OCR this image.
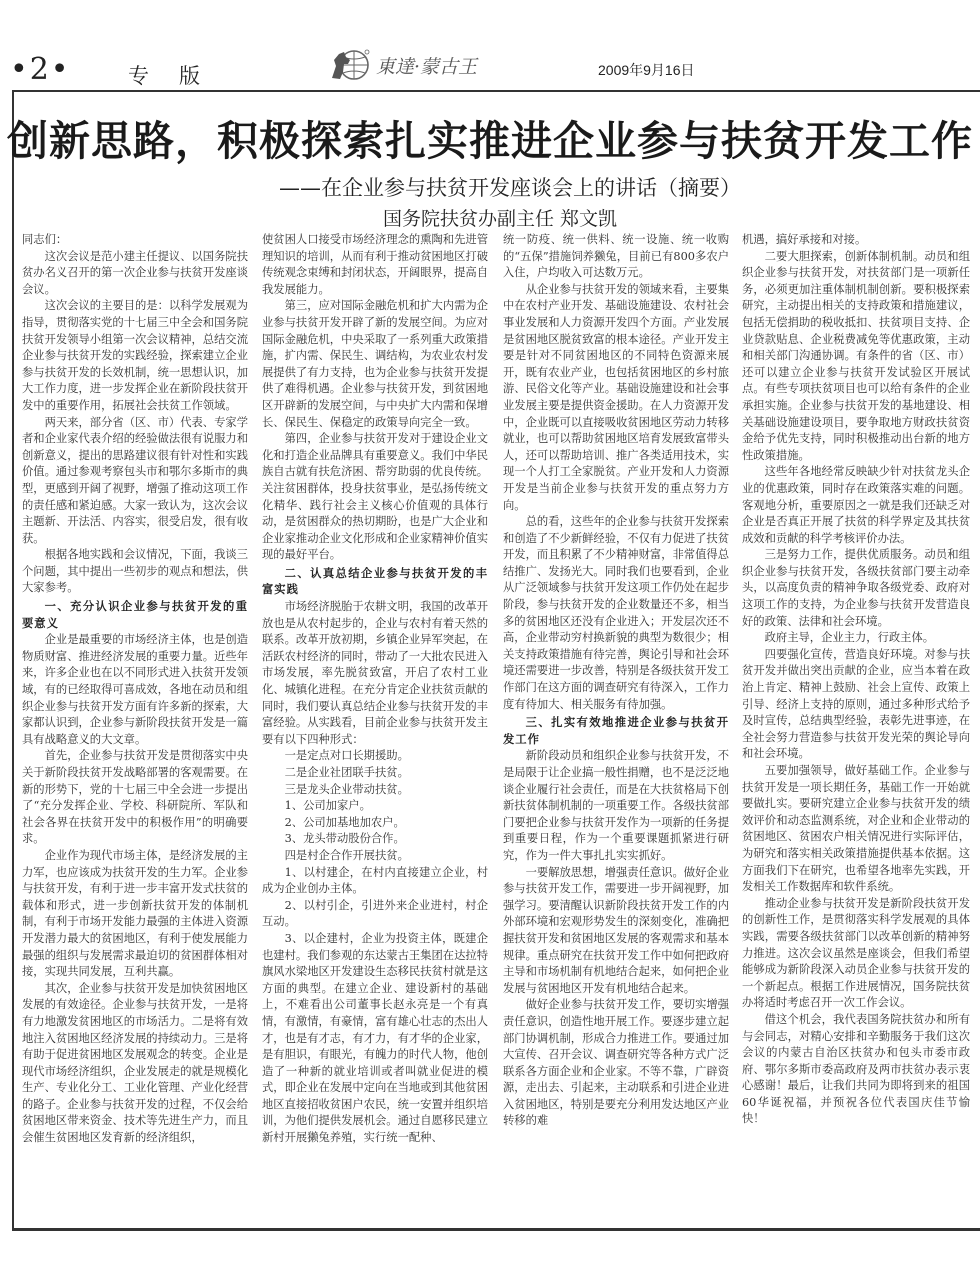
•2•	专版	東達·蒙古王	2009年9月16日
创新思路，积极探索扎实推进企业参与扶贫开发工作
——在企业参与扶贫开发座谈会上的讲话（摘要）
国务院扶贫办副主任 郑文凯

同志们：

这次会议是范小建主任提议、以国务院扶贫办名义召开的第一次企业参与扶贫开发座谈会议。

这次会议的主要目的是：以科学发展观为指导，贯彻落实党的十七届三中全会和国务院扶贫开发领导小组第一次会议精神，总结交流企业参与扶贫开发的实践经验，探索建立企业参与扶贫开发的长效机制，统一思想认识，加大工作力度，进一步发挥企业在新阶段扶贫开发中的重要作用，拓展社会扶贫工作领域。

两天来，部分省（区、市）代表、专家学者和企业家代表介绍的经验做法很有说服力和创新意义，提出的思路建议很有针对性和实践价值。通过参观考察包头市和鄂尔多斯市的典型，更感到开阔了视野，增强了推动这项工作的责任感和紧迫感。大家一致认为，这次会议主题新、开法活、内容实，很受启发，很有收获。

根据各地实践和会议情况，下面，我谈三个问题，其中提出一些初步的观点和想法，供大家参考。

一、充分认识企业参与扶贫开发的重要意义

企业是最重要的市场经济主体，也是创造物质财富、推进经济发展的重要力量。近些年来，许多企业也在以不同形式进入扶贫开发领域，有的已经取得可喜成效，各地在动员和组织企业参与扶贫开发方面有许多新的探索，大家都认识到，企业参与新阶段扶贫开发是一篇具有战略意义的大文章。

首先，企业参与扶贫开发是贯彻落实中央关于新阶段扶贫开发战略部署的客观需要。在新的形势下，党的十七届三中全会进一步提出了“充分发挥企业、学校、科研院所、军队和社会各界在扶贫开发中的积极作用”的明确要求。

企业作为现代市场主体，是经济发展的主力军，也应该成为扶贫开发的生力军。企业参与扶贫开发，有利于进一步丰富开发式扶贫的载体和形式，进一步创新扶贫开发的体制机制，有利于市场开发能力最强的主体进入资源开发潜力最大的贫困地区，有利于使发展能力最强的组织与发展需求最迫切的贫困群体相对接，实现共同发展，互利共赢。

其次，企业参与扶贫开发是加快贫困地区发展的有效途径。企业参与扶贫开发，一是将有力地激发贫困地区的市场活力。二是将有效地注入贫困地区经济发展的持续动力。三是将有助于促进贫困地区发展观念的转变。企业是现代市场经济组织，企业发展走的就是规模化生产、专业化分工、工业化管理、产业化经营的路子。企业参与扶贫开发的过程，不仅会给贫困地区带来资金、技术等先进生产力，而且会催生贫困地区发育新的经济组织，

使贫困人口接受市场经济理念的熏陶和先进管理知识的培训，从而有利于推动贫困地区打破传统观念束缚和封闭状态，开阔眼界，提高自我发展能力。

第三，应对国际金融危机和扩大内需为企业参与扶贫开发开辟了新的发展空间。为应对国际金融危机，中央采取了一系列重大政策措施，扩内需、保民生、调结构，为农业农村发展提供了有力支持，也为企业参与扶贫开发提供了难得机遇。企业参与扶贫开发，到贫困地区开辟新的发展空间，与中央扩大内需和保增长、保民生、保稳定的政策导向完全一致。

第四，企业参与扶贫开发对于建设企业文化和打造企业品牌具有重要意义。我们中华民族自古就有扶危济困、帮穷助弱的优良传统。关注贫困群体，投身扶贫事业，是弘扬传统文化精华、践行社会主义核心价值观的具体行动，是贫困群众的热切期盼，也是广大企业和企业家推动企业文化形成和企业家精神价值实现的最好平台。

二、认真总结企业参与扶贫开发的丰富实践

市场经济脱胎于农耕文明，我国的改革开放也是从农村起步的，企业与农村有着天然的联系。改革开放初期，乡镇企业异军突起，在活跃农村经济的同时，带动了一大批农民进入市场发展，率先脱贫致富，开启了农村工业化、城镇化进程。在充分肯定企业扶贫贡献的同时，我们要认真总结企业参与扶贫开发的丰富经验。从实践看，目前企业参与扶贫开发主要有以下四种形式：

一是定点对口长期援助。

二是企业社团联手扶贫。

三是龙头企业带动扶贫。

1、公司加家户。

2、公司加基地加农户。

3、龙头带动股份合作。

四是村企合作开展扶贫。

1、以村建企，在村内直接建立企业，村成为企业创办主体。

2、以村引企，引进外来企业进村，村企互动。

3、以企建村，企业为投资主体，既建企也建村。我们参观的东达蒙古王集团在达拉特旗风水梁地区开发建设生态移民扶贫村就是这方面的典型。在建立企业、建设新村的基础上，不难看出公司董事长赵永亮是一个有真情，有激情，有豪情，富有雄心壮志的杰出人才，也是有才志，有才力，有才华的企业家，是有胆识，有眼光，有魄力的时代人物，他创造了一种新的就业培训或者叫就业促进的模式，即企业在发展中定向在当地或到其他贫困地区直接招收贫困户农民，统一安置并组织培训，为他们提供发展机会。通过自愿移民建立新村开展獭兔养殖，实行统一配种、

统一防疫、统一供料、统一设施、统一收购的“五保”措施饲养獭兔，目前已有800多农户入住，户均收入可达数万元。

从企业参与扶贫开发的领域来看，主要集中在农村产业开发、基础设施建设、农村社会事业发展和人力资源开发四个方面。产业发展是贫困地区脱贫致富的根本途径。产业开发主要是针对不同贫困地区的不同特色资源来展开，既有农业产业，也包括贫困地区的乡村旅游、民俗文化等产业。基础设施建设和社会事业发展主要是提供资金援助。在人力资源开发中，企业既可以直接吸收贫困地区劳动力转移就业，也可以帮助贫困地区培育发展致富带头人，还可以帮助培训、推广各类适用技术，实现一个人打工全家脱贫。产业开发和人力资源开发是当前企业参与扶贫开发的重点努力方向。

总的看，这些年的企业参与扶贫开发探索和创造了不少新鲜经验，不仅有力促进了扶贫开发，而且积累了不少精神财富，非常值得总结推广、发扬光大。同时我们也要看到，企业从广泛领域参与扶贫开发这项工作仍处在起步阶段，参与扶贫开发的企业数量还不多，相当多的贫困地区还没有企业进入；开发层次还不高，企业带动穷村换新貌的典型为数很少；相关支持政策措施有待完善，舆论引导和社会环境还需要进一步改善，特别是各级扶贫开发工作部门在这方面的调查研究有待深入，工作力度有待加大、相关服务有待加强。

三、扎实有效地推进企业参与扶贫开发工作

新阶段动员和组织企业参与扶贫开发，不是局限于让企业搞一般性捐赠，也不是泛泛地谈企业履行社会责任，而是在大扶贫格局下创新扶贫体制机制的一项重要工作。各级扶贫部门要把企业参与扶贫开发作为一项新的任务提到重要日程，作为一个重要课题抓紧进行研究，作为一件大事扎扎实实抓好。

一要解放思想，增强责任意识。做好企业参与扶贫开发工作，需要进一步开阔视野，加强学习。要清醒认识新阶段扶贫开发工作的内外部环境和宏观形势发生的深刻变化，准确把握扶贫开发和贫困地区发展的客观需求和基本规律。重点研究在扶贫开发工作中如何把政府主导和市场机制有机地结合起来，如何把企业发展与贫困地区开发有机地结合起来。

做好企业参与扶贫开发工作，要切实增强责任意识，创造性地开展工作。要逐步建立起部门协调机制，形成合力推进工作。要通过加大宣传、召开会议、调查研究等各种方式广泛联系各方面企业和企业家。不等不靠，广辟资源，走出去、引起来，主动联系和引进企业进入贫困地区，特别是要充分利用发达地区产业转移的难

机遇，搞好承接和对接。

二要大胆探索，创新体制机制。动员和组织企业参与扶贫开发，对扶贫部门是一项新任务，必须更加注重体制机制创新。要积极探索研究，主动提出相关的支持政策和措施建议，包括无偿捐助的税收抵扣、扶贫项目支持、企业贷款贴息、企业税费减免等优惠政策，主动和相关部门沟通协调。有条件的省（区、市）还可以建立企业参与扶贫开发试验区开展试点。有些专项扶贫项目也可以给有条件的企业承担实施。企业参与扶贫开发的基地建设、相关基础设施建设项目，要争取地方财政扶贫资金给予优先支持，同时积极推动出台新的地方性政策措施。

这些年各地经常反映缺少针对扶贫龙头企业的优惠政策，同时存在政策落实难的问题。客观地分析，重要原因之一就是我们还缺乏对企业是否真正开展了扶贫的科学界定及其扶贫成效和贡献的科学考核评价办法。

三是努力工作，提供优质服务。动员和组织企业参与扶贫开发，各级扶贫部门要主动牵头，以高度负责的精神争取各级党委、政府对这项工作的支持，为企业参与扶贫开发营造良好的政策、法律和社会环境。

政府主导，企业主力，行政主体。

四要强化宣传，营造良好环境。对参与扶贫开发并做出突出贡献的企业，应当本着在政治上肯定、精神上鼓励、社会上宣传、政策上引导、经济上支持的原则，通过多种形式给予及时宣传，总结典型经验，表彰先进事迹，在全社会努力营造参与扶贫开发光荣的舆论导向和社会环境。

五要加强领导，做好基础工作。企业参与扶贫开发是一项长期任务，基础工作一开始就要做扎实。要研究建立企业参与扶贫开发的绩效评价和动态监测系统，对企业和企业带动的贫困地区、贫困农户相关情况进行实际评估，为研究和落实相关政策措施提供基本依据。这方面我们下在研究，也希望各地率先实践，开发相关工作数据库和软件系统。

推动企业参与扶贫开发是新阶段扶贫开发的创新性工作，是贯彻落实科学发展观的具体实践，需要各级扶贫部门以改革创新的精神努力推进。这次会议虽然是座谈会，但我们希望能够成为新阶段深入动员企业参与扶贫开发的一个新起点。根据工作进展情况，国务院扶贫办将适时考虑召开一次工作会议。

借这个机会，我代表国务院扶贫办和所有与会同志，对精心安排和辛勤服务于我们这次会议的内蒙古自治区扶贫办和包头市委市政府、鄂尔多斯市委高政府及两市扶贫办表示衷心感谢！最后，让我们共同为即将到来的祖国60华诞祝福，并预祝各位代表国庆佳节愉快！
